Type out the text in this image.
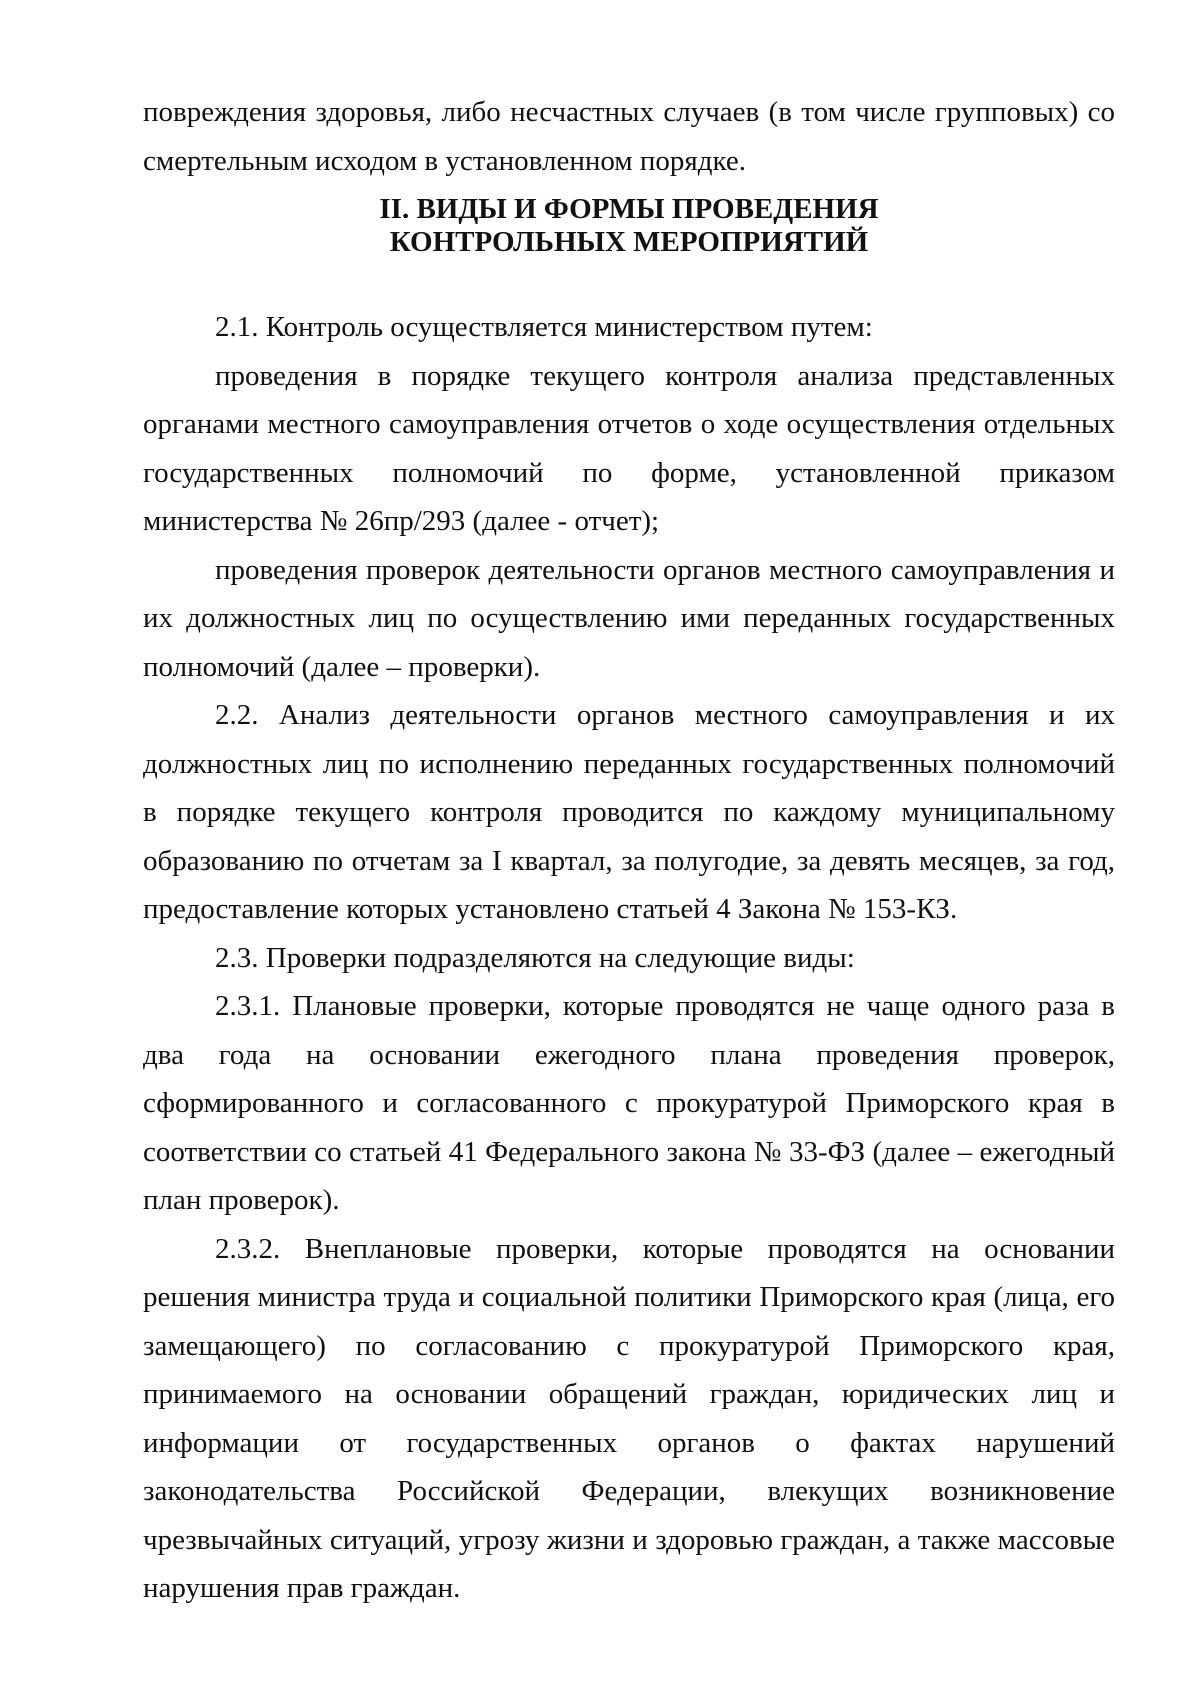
повреждения здоровья, либо несчастных случаев (в том числе групповых) со смертельным исходом в установленном порядке.

II. ВИДЫ И ФОРМЫ ПРОВЕДЕНИЯ
КОНТРОЛЬНЫХ МЕРОПРИЯТИЙ

2.1. Контроль осуществляется министерством путем:

проведения в порядке текущего контроля анализа представленных органами местного самоуправления отчетов о ходе осуществления отдельных государственных полномочий по форме, установленной приказом министерства № 26пр/293 (далее - отчет);

проведения проверок деятельности органов местного самоуправления и их должностных лиц по осуществлению ими переданных государственных полномочий (далее – проверки).

2.2. Анализ деятельности органов местного самоуправления и их должностных лиц по исполнению переданных государственных полномочий в порядке текущего контроля проводится по каждому муниципальному образованию по отчетам за I квартал, за полугодие, за девять месяцев, за год, предоставление которых установлено статьей 4 Закона № 153-КЗ.

2.3. Проверки подразделяются на следующие виды:

2.3.1. Плановые проверки, которые проводятся не чаще одного раза в два года на основании ежегодного плана проведения проверок, сформированного и согласованного с прокуратурой Приморского края в соответствии со статьей 41 Федерального закона № 33-ФЗ (далее – ежегодный план проверок).

2.3.2. Внеплановые проверки, которые проводятся на основании решения министра труда и социальной политики Приморского края (лица, его замещающего) по согласованию с прокуратурой Приморского края, принимаемого на основании обращений граждан, юридических лиц и информации от государственных органов о фактах нарушений законодательства Российской Федерации, влекущих возникновение чрезвычайных ситуаций, угрозу жизни и здоровью граждан, а также массовые нарушения прав граждан.
